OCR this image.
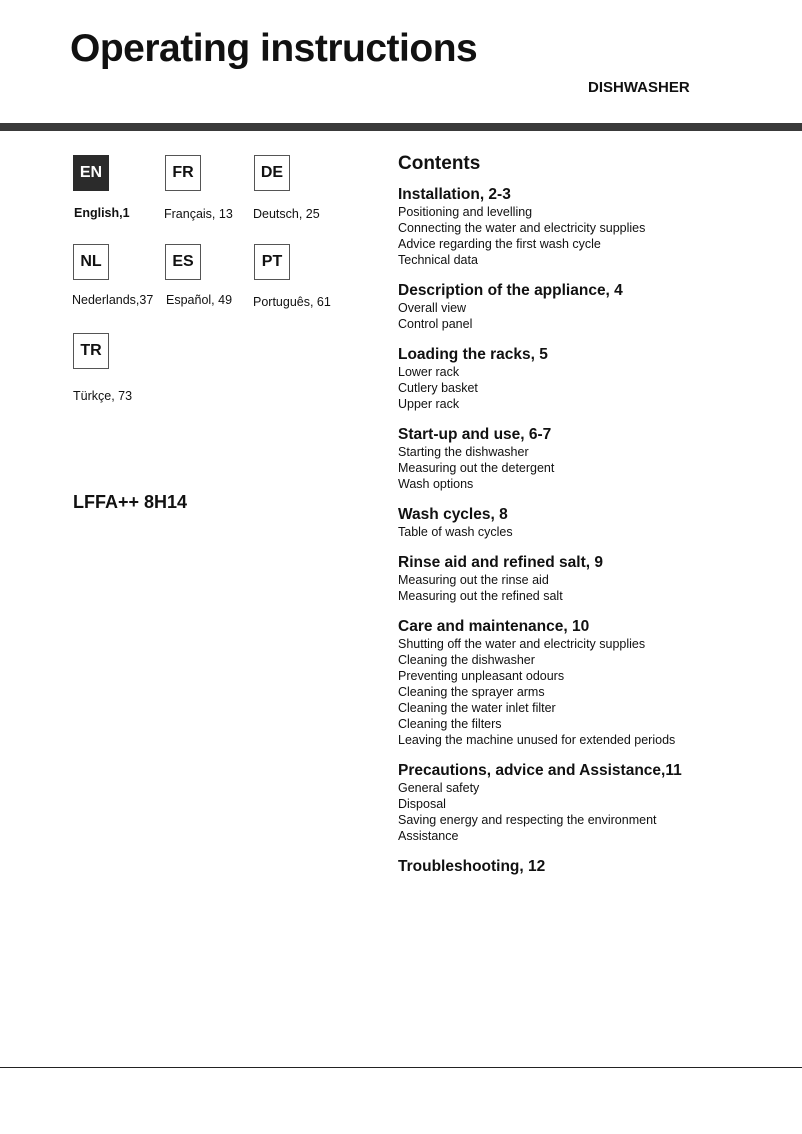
Operating instructions
DISHWASHER
EN
English,1
FR
Français, 13
DE
Deutsch, 25
NL
Nederlands,37
ES
Español, 49
PT
Português, 61
TR
Türkçe, 73
LFFA++ 8H14
Contents

Installation, 2-3

Positioning and levelling

Connecting the water and electricity supplies

Advice regarding the first wash cycle

Technical data

Description of the appliance, 4

Overall view

Control panel

Loading the racks, 5

Lower rack

Cutlery basket

Upper rack

Start-up and use, 6-7

Starting the dishwasher

Measuring out the detergent

Wash options

Wash cycles, 8

Table of wash cycles

Rinse aid and refined salt, 9

Measuring out the rinse aid

Measuring out the refined salt

Care and maintenance, 10

Shutting off the water and electricity supplies

Cleaning the dishwasher

Preventing unpleasant odours

Cleaning the sprayer arms

Cleaning the water inlet filter

Cleaning the filters

Leaving the machine unused for extended periods

Precautions, advice and Assistance,11

General safety

Disposal

Saving energy and respecting the environment

Assistance

Troubleshooting, 12
